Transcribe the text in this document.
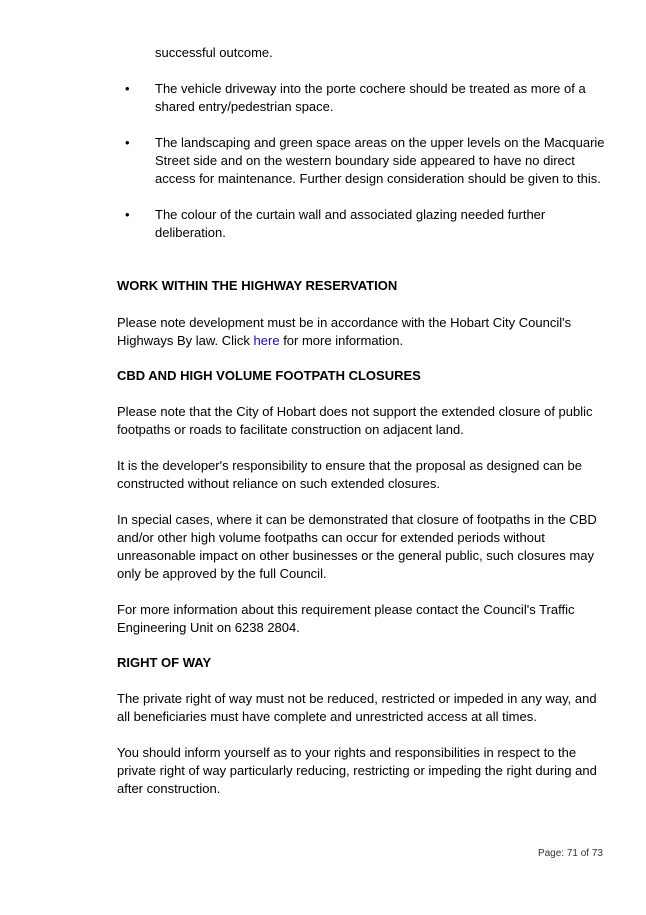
successful outcome.

• The vehicle driveway into the porte cochere should be treated as more of a shared entry/pedestrian space.
• The landscaping and green space areas on the upper levels on the Macquarie Street side and on the western boundary side appeared to have no direct access for maintenance. Further design consideration should be given to this.
• The colour of the curtain wall and associated glazing needed further deliberation.
WORK WITHIN THE HIGHWAY RESERVATION

Please note development must be in accordance with the Hobart City Council's Highways By law. Click here for more information.

CBD AND HIGH VOLUME FOOTPATH CLOSURES

Please note that the City of Hobart does not support the extended closure of public footpaths or roads to facilitate construction on adjacent land.

It is the developer's responsibility to ensure that the proposal as designed can be constructed without reliance on such extended closures.

In special cases, where it can be demonstrated that closure of footpaths in the CBD and/or other high volume footpaths can occur for extended periods without unreasonable impact on other businesses or the general public, such closures may only be approved by the full Council.

For more information about this requirement please contact the Council's Traffic Engineering Unit on 6238 2804.

RIGHT OF WAY

The private right of way must not be reduced, restricted or impeded in any way, and all beneficiaries must have complete and unrestricted access at all times.

You should inform yourself as to your rights and responsibilities in respect to the private right of way particularly reducing, restricting or impeding the right during and after construction.

Page: 71 of 73
